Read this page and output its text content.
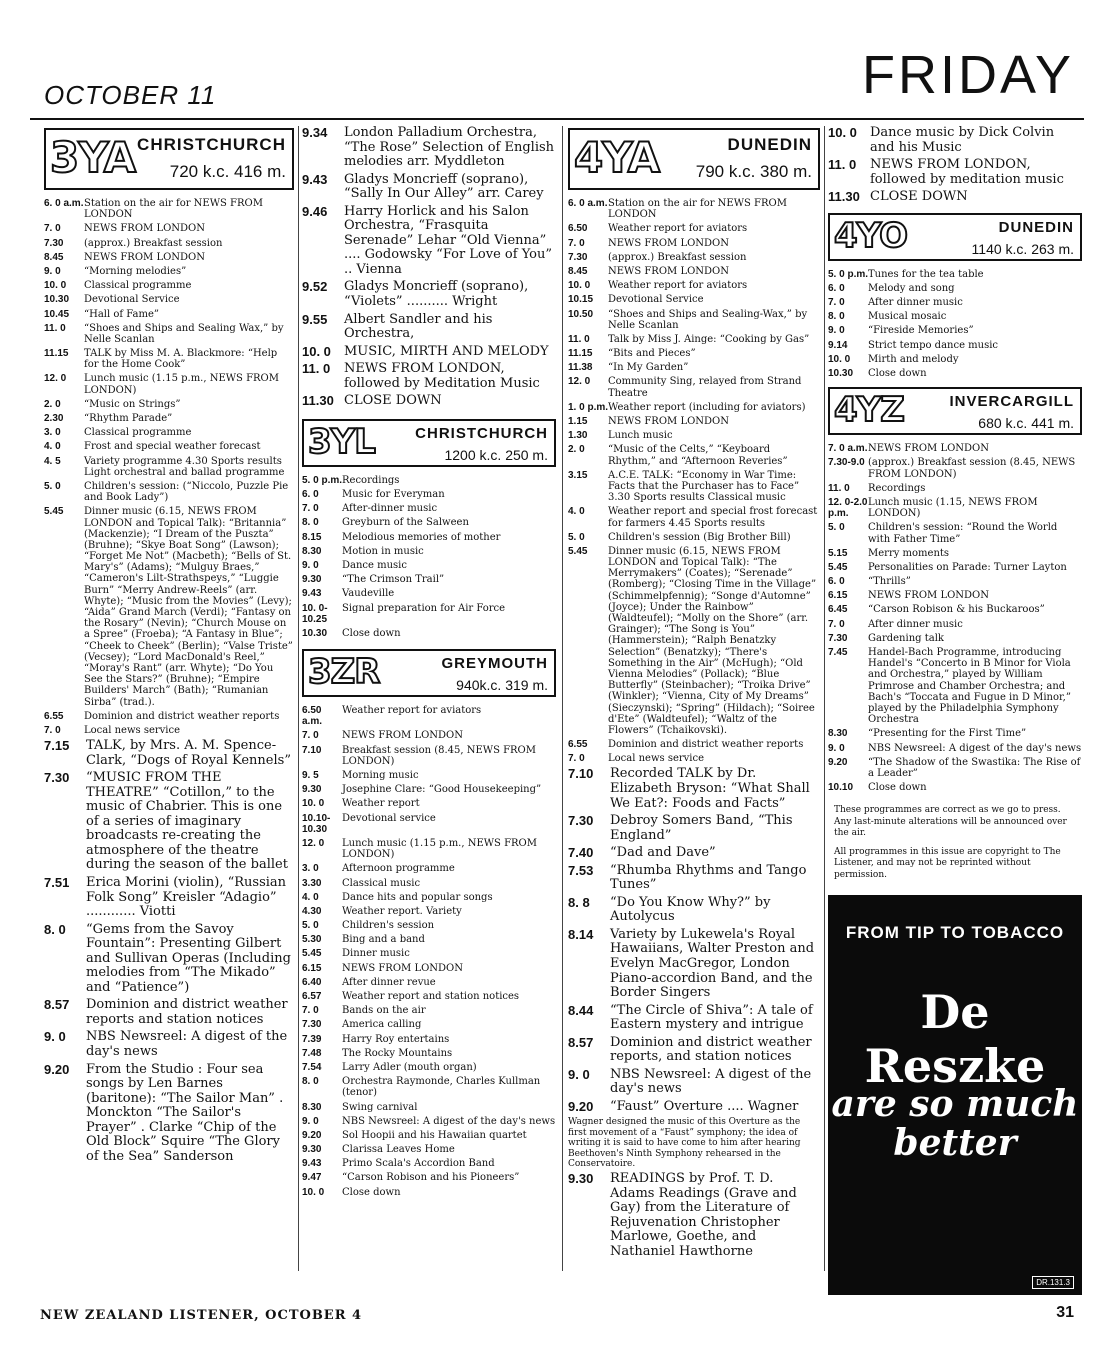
OCTOBER 11	FRIDAY
3YA CHRISTCHURCH
720 k.c. 416 m.
6. 0 a.m. Station on the air for NEWS FROM LONDON
7. 0	NEWS FROM LONDON
7.30	(approx.) Breakfast session
8.45	NEWS FROM LONDON
9. 0	“Morning melodies”
10. 0	Classical programme
10.30	Devotional Service
10.45	“Hall of Fame”
11. 0	“Shoes and Ships and Sealing Wax,” by Nelle Scanlan
11.15	TALK by Miss M. A. Blackmore: “Help for the Home Cook”
12. 0	Lunch music (1.15 p.m., NEWS FROM LONDON)
2. 0	“Music on Strings”
2.30	“Rhythm Parade”
3. 0	Classical programme
4. 0	Frost and special weather forecast
4. 5	Variety programme 4.30 Sports results Light orchestral and ballad programme
5. 0	Children's session: (“Niccolo, Puzzle Pie and Book Lady”)
5.45	Dinner music (6.15, NEWS FROM LONDON and Topical Talk): “Britannia” (Mackenzie); “I Dream of the Puszta” (Bruhne); “Skye Boat Song” (Lawson); “Forget Me Not” (Macbeth); “Bells of St. Mary's” (Adams); “Mulguy Braes,” “Cameron's Lilt-Strathspeys,” “Luggie Burn” “Merry Andrew-Reels” (arr. Whyte); “Music from the Movies” (Levy); “Aida” Grand March (Verdi); “Fantasy on the Rosary” (Nevin); “Church Mouse on a Spree” (Froeba); “A Fantasy in Blue”; “Cheek to Cheek” (Berlin); “Valse Triste” (Vecsey); “Lord MacDonald's Reel,” “Moray's Rant” (arr. Whyte); “Do You See the Stars?” (Bruhne); “Empire Builders' March” (Bath); “Rumanian Sirba” (trad.).
6.55	Dominion and district weather reports
7. 0	Local news service
7.15	TALK, by Mrs. A. M. Spence-Clark, “Dogs of Royal Kennels”
7.30	“MUSIC FROM THE THEATRE” “Cotillon,” to the music of Chabrier. This is one of a series of imaginary broadcasts re-creating the atmosphere of the theatre during the season of the ballet
7.51	Erica Morini (violin), “Russian Folk Song” Kreisler “Adagio” ............ Viotti
8. 0	“Gems from the Savoy Fountain”: Presenting Gilbert and Sullivan Operas (Including melodies from “The Mikado” and “Patience”)
8.57	Dominion and district weather reports and station notices
9. 0	NBS Newsreel: A digest of the day's news
9.20	From the Studio : Four sea songs by Len Barnes (baritone): “The Sailor Man” . Monckton “The Sailor's Prayer” . Clarke “Chip of the Old Block” Squire “The Glory of the Sea” Sanderson
9.34	London Palladium Orchestra, “The Rose” Selection of English melodies arr. Myddleton
9.43	Gladys Moncrieff (soprano), “Sally In Our Alley” arr. Carey
9.46	Harry Horlick and his Salon Orchestra, “Frasquita Serenade” Lehar “Old Vienna” .... Godowsky “For Love of You” .. Vienna
9.52	Gladys Moncrieff (soprano), “Violets” .......... Wright
9.55	Albert Sandler and his Orchestra,
10. 0	MUSIC, MIRTH AND MELODY
11. 0	NEWS FROM LONDON, followed by Meditation Music
11.30 CLOSE DOWN
3YL	CHRISTCHURCH
1200 k.c. 250 m.
5. 0 p.m. Recordings
6. 0	Music for Everyman
7. 0	After-dinner music
8. 0	Greyburn of the Salween
8.15	Melodious memories of mother
8.30	Motion in music
9. 0	Dance music
9.30	“The Crimson Trail”
9.43	Vaudeville
10. 0-10.25
Signal preparation for Air Force
10.30	Close down
3ZR	GREYMOUTH
940k.c. 319 m.
6.50 a.m.
Weather report for aviators
7. 0	NEWS FROM LONDON
7.10	Breakfast session (8.45, NEWS FROM LONDON)
9. 5	Morning music
9.30	Josephine Clare: “Good Housekeeping”
10. 0	Weather report
10.10-10.30
Devotional service
12. 0	Lunch music (1.15 p.m., NEWS FROM LONDON)
3. 0	Afternoon programme
3.30	Classical music
4. 0	Dance hits and popular songs
4.30	Weather report. Variety
5. 0	Children's session
5.30	Bing and a band
5.45	Dinner music
6.15	NEWS FROM LONDON
6.40	After dinner revue
6.57	Weather report and station notices
7. 0	Bands on the air
7.30	America calling
7.39	Harry Roy entertains
7.48	The Rocky Mountains
7.54	Larry Adler (mouth organ)
8. 0	Orchestra Raymonde, Charles Kullman (tenor)
8.30	Swing carnival
9. 0	NBS Newsreel: A digest of the day's news
9.20	Sol Hoopii and his Hawaiian quartet
9.30	Clarissa Leaves Home
9.43	Primo Scala's Accordion Band
9.47	“Carson Robison and his Pioneers”
10. 0	Close down
4YA	DUNEDIN
790 k.c. 380 m.
6. 0 a.m. Station on the air for NEWS FROM LONDON
6.50	Weather report for aviators
7. 0	NEWS FROM LONDON
7.30	(approx.) Breakfast session
8.45	NEWS FROM LONDON
10. 0	Weather report for aviators
10.15	Devotional Service
10.50	“Shoes and Ships and Sealing-Wax,” by Nelle Scanlan
11. 0	Talk by Miss J. Ainge: “Cooking by Gas”
11.15	“Bits and Pieces”
11.38	“In My Garden”
12. 0	Community Sing, relayed from Strand Theatre
1. 0 p.m. Weather report (including for aviators)
1.15	NEWS FROM LONDON
1.30	Lunch music
2. 0	“Music of the Celts,” “Keyboard Rhythm,” and “Afternoon Reveries”
3.15	A.C.E. TALK: “Economy in War Time: Facts that the Purchaser has to Face” 3.30 Sports results Classical music
4. 0	Weather report and special frost forecast for farmers 4.45 Sports results
5. 0	Children's session (Big Brother Bill)
5.45	Dinner music (6.15, NEWS FROM LONDON and Topical Talk): “The Merrymakers” (Coates); “Serenade” (Romberg); “Closing Time in the Village” (Schimmelpfennig); “Songe d'Automne” (Joyce); Under the Rainbow” (Waldteufel); “Molly on the Shore” (arr. Grainger); “The Song is You” (Hammerstein); “Ralph Benatzky Selection” (Benatzky); “There's Something in the Air” (McHugh); “Old Vienna Melodies” (Pollack); “Blue Butterfly” (Steinbacher); “Troika Drive” (Winkler); “Vienna, City of My Dreams” (Sieczynski); “Spring” (Hildach); “Soiree d'Ete” (Waldteufel); “Waltz of the Flowers” (Tchaikovski).
6.55	Dominion and district weather reports
7. 0	Local news service
7.10	Recorded TALK by Dr. Elizabeth Bryson: “What Shall We Eat?: Foods and Facts”
7.30	Debroy Somers Band, “This England”
7.40	“Dad and Dave”
7.53	“Rhumba Rhythms and Tango Tunes”
8. 8	“Do You Know Why?” by Autolycus
8.14	Variety by Lukewela's Royal Hawaiians, Walter Preston and Evelyn MacGregor, London Piano-accordion Band, and the Border Singers
8.44	“The Circle of Shiva”: A tale of Eastern mystery and intrigue
8.57	Dominion and district weather reports, and station notices
9. 0	NBS Newsreel: A digest of the day's news
9.20	“Faust” Overture .... Wagner
Wagner designed the music of this Overture as the first movement of a “Faust” symphony; the idea of writing it is said to have come to him after hearing Beethoven's Ninth Symphony rehearsed in the Conservatoire.
9.30	READINGS by Prof. T. D. Adams Readings (Grave and Gay) from the Literature of Rejuvenation Christopher Marlowe, Goethe, and Nathaniel Hawthorne
10. 0	Dance music by Dick Colvin and his Music
11. 0	NEWS FROM LONDON, followed by meditation music
11.30 CLOSE DOWN
4YO	DUNEDIN
1140 k.c. 263 m.
5. 0 p.m. Tunes for the tea table
6. 0	Melody and song
7. 0	After dinner music
8. 0	Musical mosaic
9. 0	“Fireside Memories”
9.14	Strict tempo dance music
10. 0	Mirth and melody
10.30	Close down
4YZ	INVERCARGILL
680 k.c. 441 m.
7. 0 a.m. NEWS FROM LONDON
7.30-9.0 (approx.) Breakfast session (8.45, NEWS FROM LONDON)
11. 0	Recordings
12. 0-2.0 p.m.
Lunch music (1.15, NEWS FROM LONDON)
5. 0	Children's session: “Round the World with Father Time”
5.15	Merry moments
5.45	Personalities on Parade: Turner Layton
6. 0	“Thrills”
6.15	NEWS FROM LONDON
6.45	“Carson Robison & his Buckaroos”
7. 0	After dinner music
7.30	Gardening talk
7.45	Handel-Bach Programme, introducing Handel's “Concerto in B Minor for Viola and Orchestra,” played by William Primrose and Chamber Orchestra; and Bach's “Toccata and Fugue in D Minor,” played by the Philadelphia Symphony Orchestra
8.30	“Presenting for the First Time”
9. 0	NBS Newsreel: A digest of the day's news
9.20	“The Shadow of the Swastika: The Rise of a Leader”
10.10	Close down
These programmes are correct as we go to press. Any last-minute alterations will be announced over the air.
All programmes in this issue are copyright to The Listener, and may not be reprinted without permission.
FROM TIP TO TOBACCO
De Reszke
are so much better
DR.131.3
NEW ZEALAND LISTENER, OCTOBER 4	31
